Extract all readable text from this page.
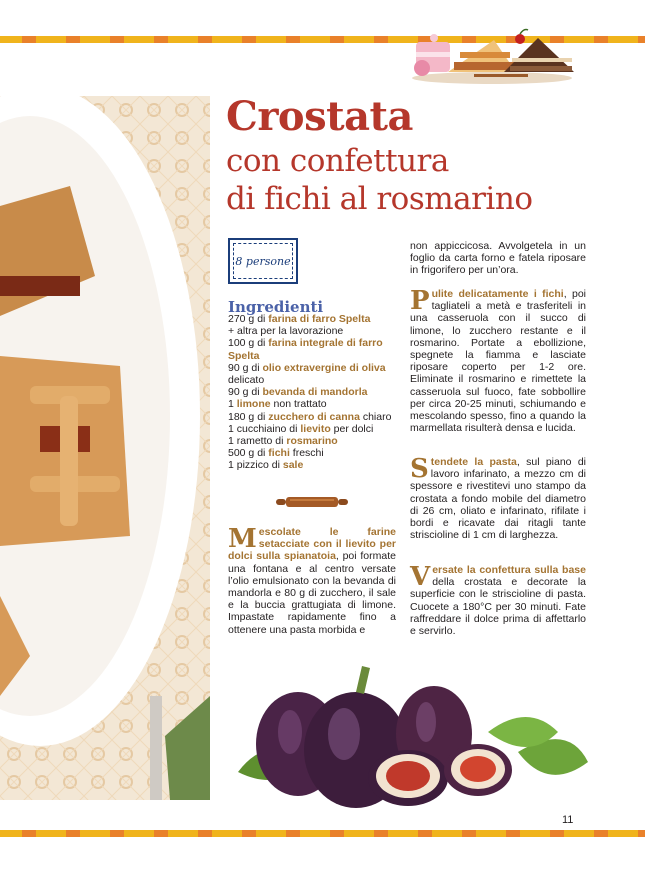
Crostata
con confettura
di fichi al rosmarino
8 persone
Ingredienti
270 g di farina di farro Spelta
+ altra per la lavorazione
100 g di farina integrale di farro Spelta
90 g di olio extravergine di oliva delicato
90 g di bevanda di mandorla
1 limone non trattato
180 g di zucchero di canna chiaro
1 cucchiaino di lievito per dolci
1 rametto di rosmarino
500 g di fichi freschi
1 pizzico di sale
Mescolate le farine setacciate con il lievito per dolci sulla spianatoia, poi formate una fontana e al centro versate l’olio emulsionato con la bevanda di mandorla e 80 g di zucchero, il sale e la buccia grattugiata di limone. Impastate rapidamente fino a ottenere una pasta morbida e
non appiccicosa. Avvolgetela in un foglio da carta forno e fatela riposare in frigorifero per un’ora.
Pulite delicatamente i fichi, poi tagliateli a metà e trasferiteli in una casseruola con il succo di limone, lo zucchero restante e il rosmarino. Portate a ebollizione, spegnete la fiamma e lasciate riposare coperto per 1-2 ore. Eliminate il rosmarino e rimettete la casseruola sul fuoco, fate sobbollire per circa 20-25 minuti, schiumando e mescolando spesso, fino a quando la marmellata risulterà densa e lucida.
Stendete la pasta, sul piano di lavoro infarinato, a mezzo cm di spessore e rivestitevi uno stampo da crostata a fondo mobile del diametro di 26 cm, oliato e infarinato, rifilate i bordi e ricavate dai ritagli tante striscioline di 1 cm di larghezza.
Versate la confettura sulla base della crostata e decorate la superficie con le striscioline di pasta. Cuocete a 180°C per 30 minuti. Fate raffreddare il dolce prima di affettarlo e servirlo.
11
